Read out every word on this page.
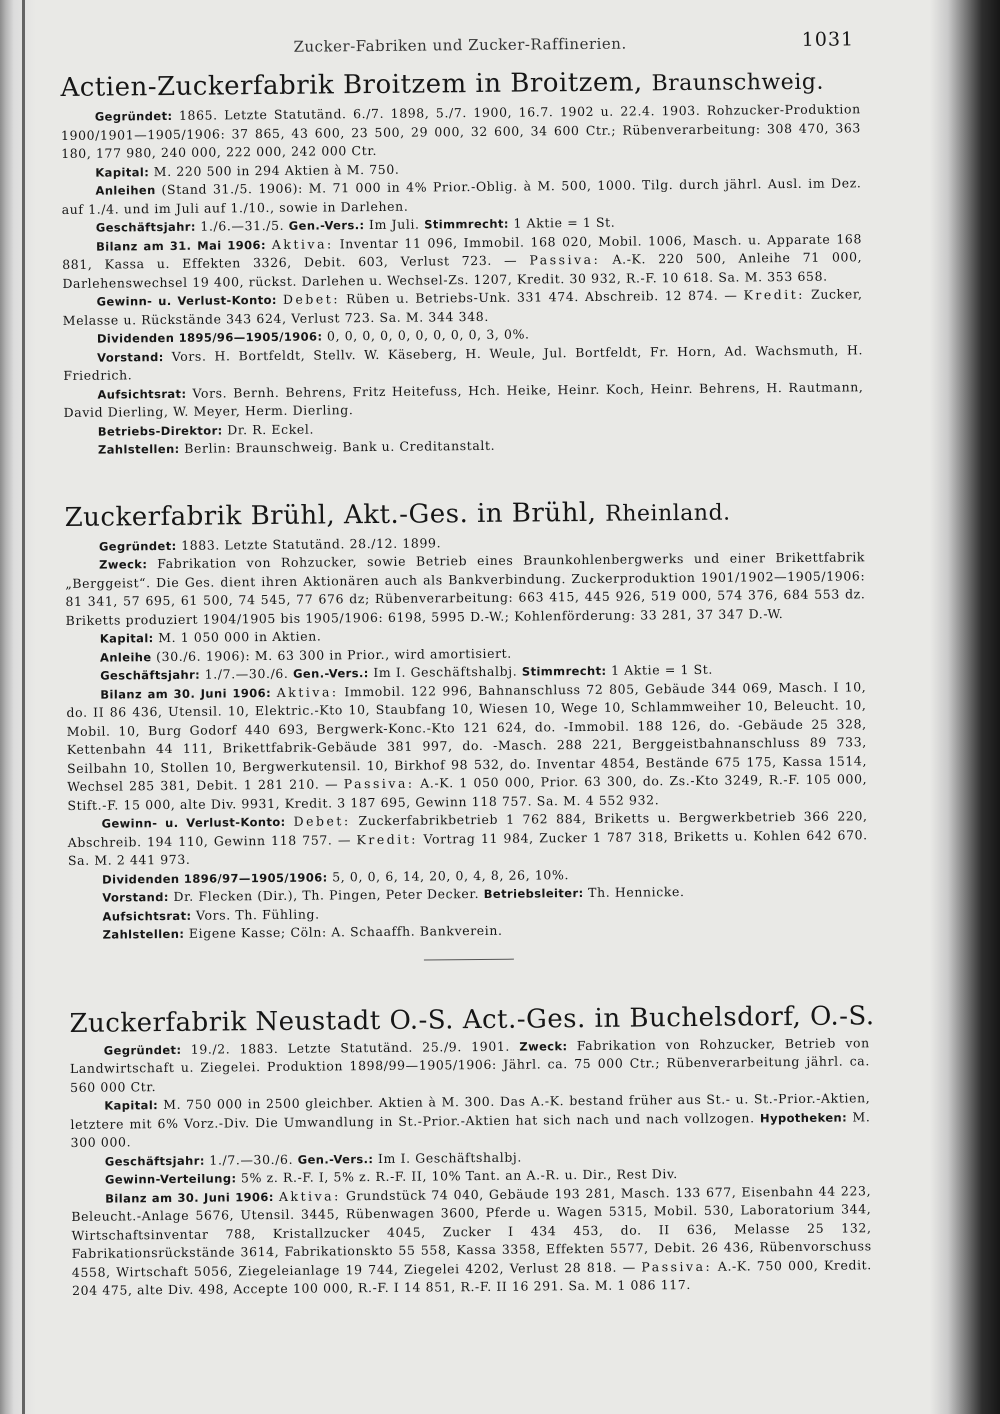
Zucker-Fabriken und Zucker-Raffinerien.	1031
Actien-Zuckerfabrik Broitzem in Broitzem, Braunschweig.

Gegründet: 1865. Letzte Statutänd. 6./7. 1898, 5./7. 1900, 16.7. 1902 u. 22.4. 1903. Rohzucker-Produktion 1900/1901—1905/1906: 37 865, 43 600, 23 500, 29 000, 32 600, 34 600 Ctr.; Rübenverarbeitung: 308 470, 363 180, 177 980, 240 000, 222 000, 242 000 Ctr.

Kapital: M. 220 500 in 294 Aktien à M. 750.

Anleihen (Stand 31./5. 1906): M. 71 000 in 4% Prior.-Oblig. à M. 500, 1000. Tilg. durch jährl. Ausl. im Dez. auf 1./4. und im Juli auf 1./10., sowie in Darlehen.

Geschäftsjahr: 1./6.—31./5. Gen.-Vers.: Im Juli. Stimmrecht: 1 Aktie = 1 St.

Bilanz am 31. Mai 1906: Aktiva: Inventar 11 096, Immobil. 168 020, Mobil. 1006, Masch. u. Apparate 168 881, Kassa u. Effekten 3326, Debit. 603, Verlust 723. — Passiva: A.-K. 220 500, Anleihe 71 000, Darlehenswechsel 19 400, rückst. Darlehen u. Wechsel-Zs. 1207, Kredit. 30 932, R.-F. 10 618. Sa. M. 353 658.

Gewinn- u. Verlust-Konto: Debet: Rüben u. Betriebs-Unk. 331 474. Abschreib. 12 874. — Kredit: Zucker, Melasse u. Rückstände 343 624, Verlust 723. Sa. M. 344 348.

Dividenden 1895/96—1905/1906: 0, 0, 0, 0, 0, 0, 0, 0, 0, 3, 0%.

Vorstand: Vors. H. Bortfeldt, Stellv. W. Käseberg, H. Weule, Jul. Bortfeldt, Fr. Horn, Ad. Wachsmuth, H. Friedrich.

Aufsichtsrat: Vors. Bernh. Behrens, Fritz Heitefuss, Hch. Heike, Heinr. Koch, Heinr. Behrens, H. Rautmann, David Dierling, W. Meyer, Herm. Dierling.

Betriebs-Direktor: Dr. R. Eckel.

Zahlstellen: Berlin: Braunschweig. Bank u. Creditanstalt.

Zuckerfabrik Brühl, Akt.-Ges. in Brühl, Rheinland.

Gegründet: 1883. Letzte Statutänd. 28./12. 1899.

Zweck: Fabrikation von Rohzucker, sowie Betrieb eines Braunkohlenbergwerks und einer Brikettfabrik „Berggeist“. Die Ges. dient ihren Aktionären auch als Bankverbindung. Zuckerproduktion 1901/1902—1905/1906: 81 341, 57 695, 61 500, 74 545, 77 676 dz; Rübenverarbeitung: 663 415, 445 926, 519 000, 574 376, 684 553 dz. Briketts produziert 1904/1905 bis 1905/1906: 6198, 5995 D.-W.; Kohlenförderung: 33 281, 37 347 D.-W.

Kapital: M. 1 050 000 in Aktien.

Anleihe (30./6. 1906): M. 63 300 in Prior., wird amortisiert.

Geschäftsjahr: 1./7.—30./6. Gen.-Vers.: Im I. Geschäftshalbj. Stimmrecht: 1 Aktie = 1 St.

Bilanz am 30. Juni 1906: Aktiva: Immobil. 122 996, Bahnanschluss 72 805, Gebäude 344 069, Masch. I 10, do. II 86 436, Utensil. 10, Elektric.-Kto 10, Staubfang 10, Wiesen 10, Wege 10, Schlammweiher 10, Beleucht. 10, Mobil. 10, Burg Godorf 440 693, Bergwerk-Konc.-Kto 121 624, do. -Immobil. 188 126, do. -Gebäude 25 328, Kettenbahn 44 111, Brikettfabrik-Gebäude 381 997, do. -Masch. 288 221, Berggeistbahnanschluss 89 733, Seilbahn 10, Stollen 10, Bergwerkutensil. 10, Birkhof 98 532, do. Inventar 4854, Bestände 675 175, Kassa 1514, Wechsel 285 381, Debit. 1 281 210. — Passiva: A.-K. 1 050 000, Prior. 63 300, do. Zs.-Kto 3249, R.-F. 105 000, Stift.-F. 15 000, alte Div. 9931, Kredit. 3 187 695, Gewinn 118 757. Sa. M. 4 552 932.

Gewinn- u. Verlust-Konto: Debet: Zuckerfabrikbetrieb 1 762 884, Briketts u. Bergwerkbetrieb 366 220, Abschreib. 194 110, Gewinn 118 757. — Kredit: Vortrag 11 984, Zucker 1 787 318, Briketts u. Kohlen 642 670. Sa. M. 2 441 973.

Dividenden 1896/97—1905/1906: 5, 0, 0, 6, 14, 20, 0, 4, 8, 26, 10%.

Vorstand: Dr. Flecken (Dir.), Th. Pingen, Peter Decker. Betriebsleiter: Th. Hennicke.

Aufsichtsrat: Vors. Th. Fühling.

Zahlstellen: Eigene Kasse; Cöln: A. Schaaffh. Bankverein.

Zuckerfabrik Neustadt O.-S. Act.-Ges. in Buchelsdorf, O.-S.

Gegründet: 19./2. 1883. Letzte Statutänd. 25./9. 1901. Zweck: Fabrikation von Rohzucker, Betrieb von Landwirtschaft u. Ziegelei. Produktion 1898/99—1905/1906: Jährl. ca. 75 000 Ctr.; Rübenverarbeitung jährl. ca. 560 000 Ctr.

Kapital: M. 750 000 in 2500 gleichber. Aktien à M. 300. Das A.-K. bestand früher aus St.- u. St.-Prior.-Aktien, letztere mit 6% Vorz.-Div. Die Umwandlung in St.-Prior.-Aktien hat sich nach und nach vollzogen. Hypotheken: M. 300 000.

Geschäftsjahr: 1./7.—30./6. Gen.-Vers.: Im I. Geschäftshalbj.

Gewinn-Verteilung: 5% z. R.-F. I, 5% z. R.-F. II, 10% Tant. an A.-R. u. Dir., Rest Div.

Bilanz am 30. Juni 1906: Aktiva: Grundstück 74 040, Gebäude 193 281, Masch. 133 677, Eisenbahn 44 223, Beleucht.-Anlage 5676, Utensil. 3445, Rübenwagen 3600, Pferde u. Wagen 5315, Mobil. 530, Laboratorium 344, Wirtschaftsinventar 788, Kristallzucker 4045, Zucker I 434 453, do. II 636, Melasse 25 132, Fabrikationsrückstände 3614, Fabrikationskto 55 558, Kassa 3358, Effekten 5577, Debit. 26 436, Rübenvorschuss 4558, Wirtschaft 5056, Ziegeleianlage 19 744, Ziegelei 4202, Verlust 28 818. — Passiva: A.-K. 750 000, Kredit. 204 475, alte Div. 498, Accepte 100 000, R.-F. I 14 851, R.-F. II 16 291. Sa. M. 1 086 117.
